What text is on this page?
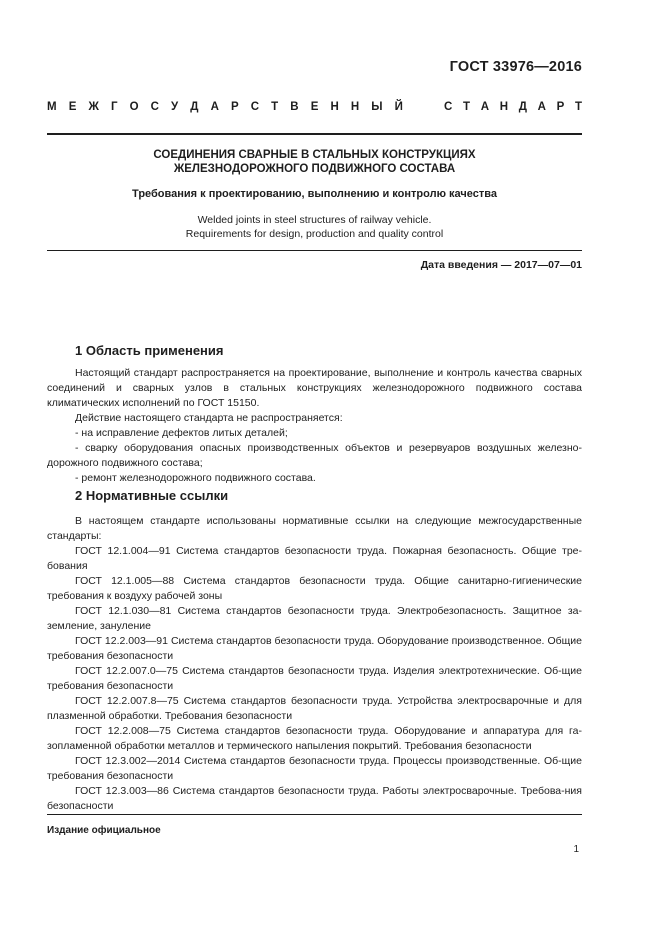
ГОСТ 33976—2016
М Е Ж Г О С У Д А Р С Т В Е Н Н Ы Й	С Т А Н Д А Р Т
СОЕДИНЕНИЯ СВАРНЫЕ В СТАЛЬНЫХ КОНСТРУКЦИЯХ
ЖЕЛЕЗНОДОРОЖНОГО ПОДВИЖНОГО СОСТАВА
Требования к проектированию, выполнению и контролю качества
Welded joints in steel structures of railway vehicle.
Requirements for design, production and quality control
Дата введения — 2017—07—01
1 Область применения

Настоящий стандарт распространяется на проектирование, выполнение и контроль качества сварных соединений и сварных узлов в стальных конструкциях железнодорожного подвижного состава климатических исполнений по ГОСТ 15150.

Действие настоящего стандарта не распространяется:

- на исправление дефектов литых деталей;

- сварку оборудования опасных производственных объектов и резервуаров воздушных железно-дорожного подвижного состава;

- ремонт железнодорожного подвижного состава.

2 Нормативные ссылки

В настоящем стандарте использованы нормативные ссылки на следующие межгосударственные стандарты:

ГОСТ 12.1.004—91 Система стандартов безопасности труда. Пожарная безопасность. Общие тре-бования

ГОСТ 12.1.005—88 Система стандартов безопасности труда. Общие санитарно-гигиенические требования к воздуху рабочей зоны

ГОСТ 12.1.030—81 Система стандартов безопасности труда. Электробезопасность. Защитное за-земление, зануление

ГОСТ 12.2.003—91 Система стандартов безопасности труда. Оборудование производственное. Общие требования безопасности

ГОСТ 12.2.007.0—75 Система стандартов безопасности труда. Изделия электротехнические. Об-щие требования безопасности

ГОСТ 12.2.007.8—75 Система стандартов безопасности труда. Устройства электросварочные и для плазменной обработки. Требования безопасности

ГОСТ 12.2.008—75 Система стандартов безопасности труда. Оборудование и аппаратура для га-зопламенной обработки металлов и термического напыления покрытий. Требования безопасности

ГОСТ 12.3.002—2014 Система стандартов безопасности труда. Процессы производственные. Об-щие требования безопасности

ГОСТ 12.3.003—86 Система стандартов безопасности труда. Работы электросварочные. Требова-ния безопасности

Издание официальное
1
